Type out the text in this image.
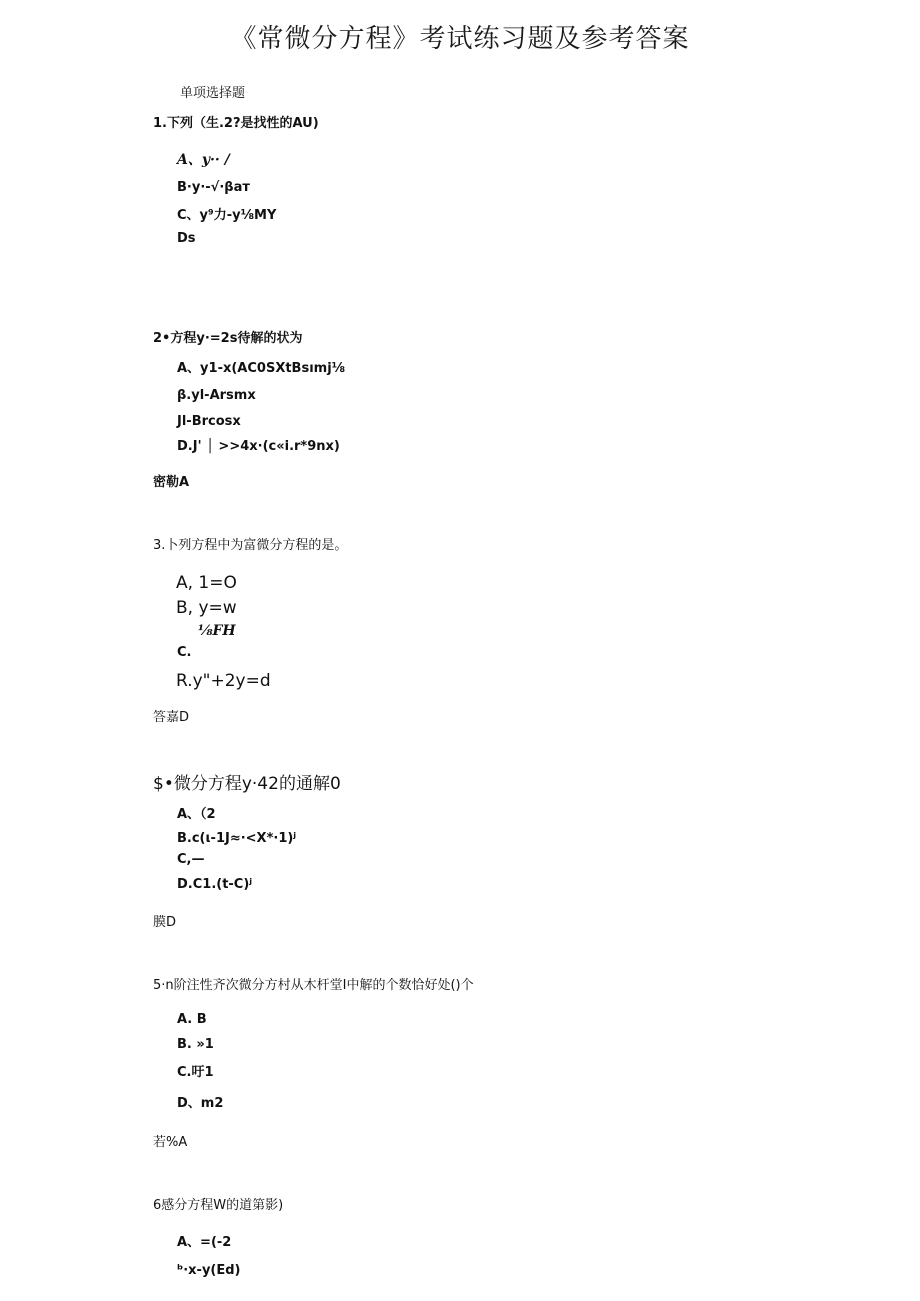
《常微分方程》考试练习题及参考答案
单项选择题
1.下列（生.2?是找性的AU)
A、y·· /
B·y·-√·βaт
C、y⁹力-y⅛MY
Ds
2•方程y·=2s待解的状为
A、y1-x(AC0SXtBsımj⅛
β.yl-Arsmx
Jl-Brcosx
D.J' │ >>4x·(c«i.r*9nx)
密勒A
3.卜列方程中为富微分方程的是。
A, 1=O
B, y=w
⅛FH
C.
R.y"+2y=d
答嘉D
$•微分方程y·42的通解0
A、（2
B.c(ι-1J≈·<X*·1)ʲ
C,—
D.C1.(t-C)ʲ
膜D
5·n阶注性齐次微分方村从木杆堂I中解的个数恰好处()个
A. B
B. »1
C.吁1
D、m2
若%A
6感分方程W的道第影)
A、=(-2
ᵇ·x-y(Ed)
